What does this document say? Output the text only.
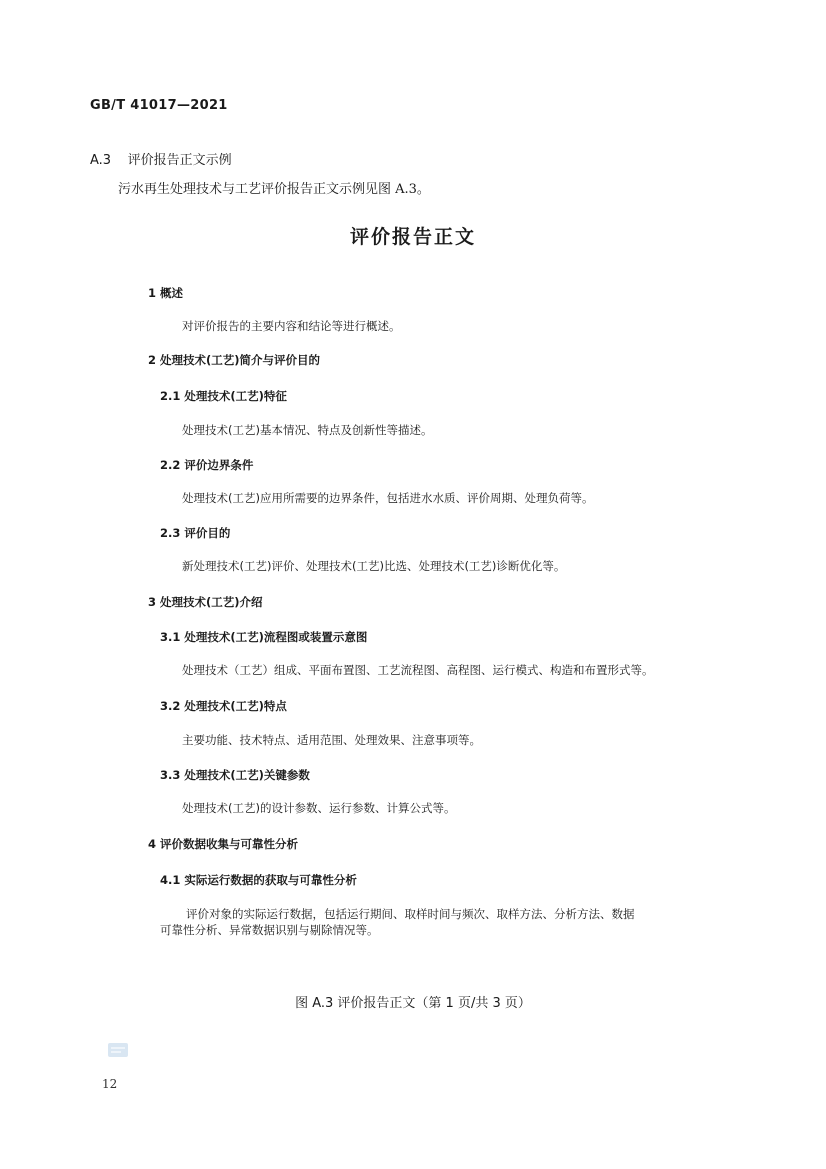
GB/T 41017—2021
A.3 评价报告正文示例
污水再生处理技术与工艺评价报告正文示例见图 A.3。
评价报告正文
1 概述
对评价报告的主要内容和结论等进行概述。
2 处理技术(工艺)简介与评价目的
2.1 处理技术(工艺)特征
处理技术(工艺)基本情况、特点及创新性等描述。
2.2 评价边界条件
处理技术(工艺)应用所需要的边界条件，包括进水水质、评价周期、处理负荷等。
2.3 评价目的
新处理技术(工艺)评价、处理技术(工艺)比选、处理技术(工艺)诊断优化等。
3 处理技术(工艺)介绍
3.1 处理技术(工艺)流程图或装置示意图
处理技术（工艺）组成、平面布置图、工艺流程图、高程图、运行模式、构造和布置形式等。
3.2 处理技术(工艺)特点
主要功能、技术特点、适用范围、处理效果、注意事项等。
3.3 处理技术(工艺)关键参数
处理技术(工艺)的设计参数、运行参数、计算公式等。
4 评价数据收集与可靠性分析
4.1 实际运行数据的获取与可靠性分析
评价对象的实际运行数据，包括运行期间、取样时间与频次、取样方法、分析方法、数据
可靠性分析、异常数据识别与剔除情况等。
图 A.3 评价报告正文（第 1 页/共 3 页）
12
